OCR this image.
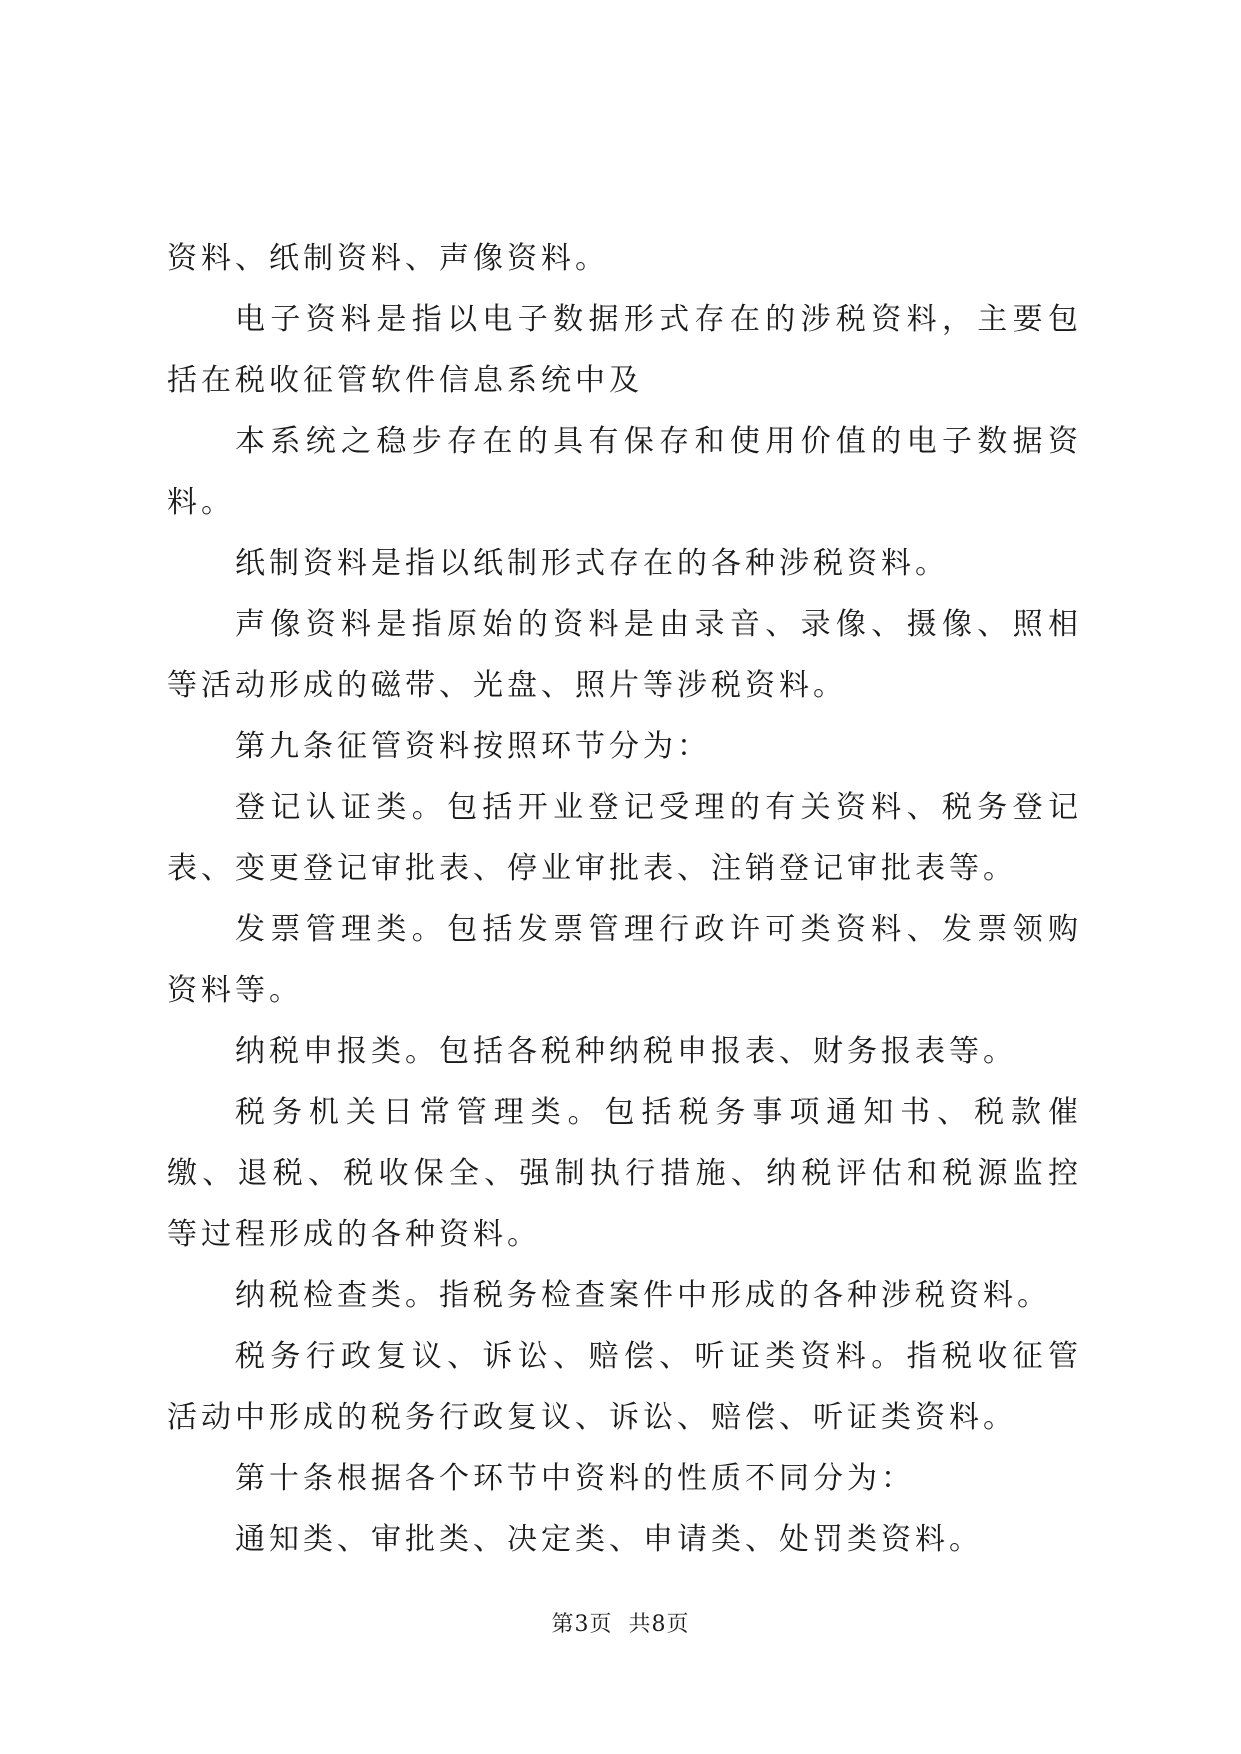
资料、纸制资料、声像资料。

电子资料是指以电子数据形式存在的涉税资料，主要包括在税收征管软件信息系统中及

本系统之稳步存在的具有保存和使用价值的电子数据资料。

纸制资料是指以纸制形式存在的各种涉税资料。

声像资料是指原始的资料是由录音、录像、摄像、照相等活动形成的磁带、光盘、照片等涉税资料。

第九条征管资料按照环节分为：

登记认证类。包括开业登记受理的有关资料、税务登记表、变更登记审批表、停业审批表、注销登记审批表等。

发票管理类。包括发票管理行政许可类资料、发票领购资料等。

纳税申报类。包括各税种纳税申报表、财务报表等。

税务机关日常管理类。包括税务事项通知书、税款催缴、退税、税收保全、强制执行措施、纳税评估和税源监控等过程形成的各种资料。

纳税检查类。指税务检查案件中形成的各种涉税资料。

税务行政复议、诉讼、赔偿、听证类资料。指税收征管活动中形成的税务行政复议、诉讼、赔偿、听证类资料。

第十条根据各个环节中资料的性质不同分为：

通知类、审批类、决定类、申请类、处罚类资料。

第3页 共8页
